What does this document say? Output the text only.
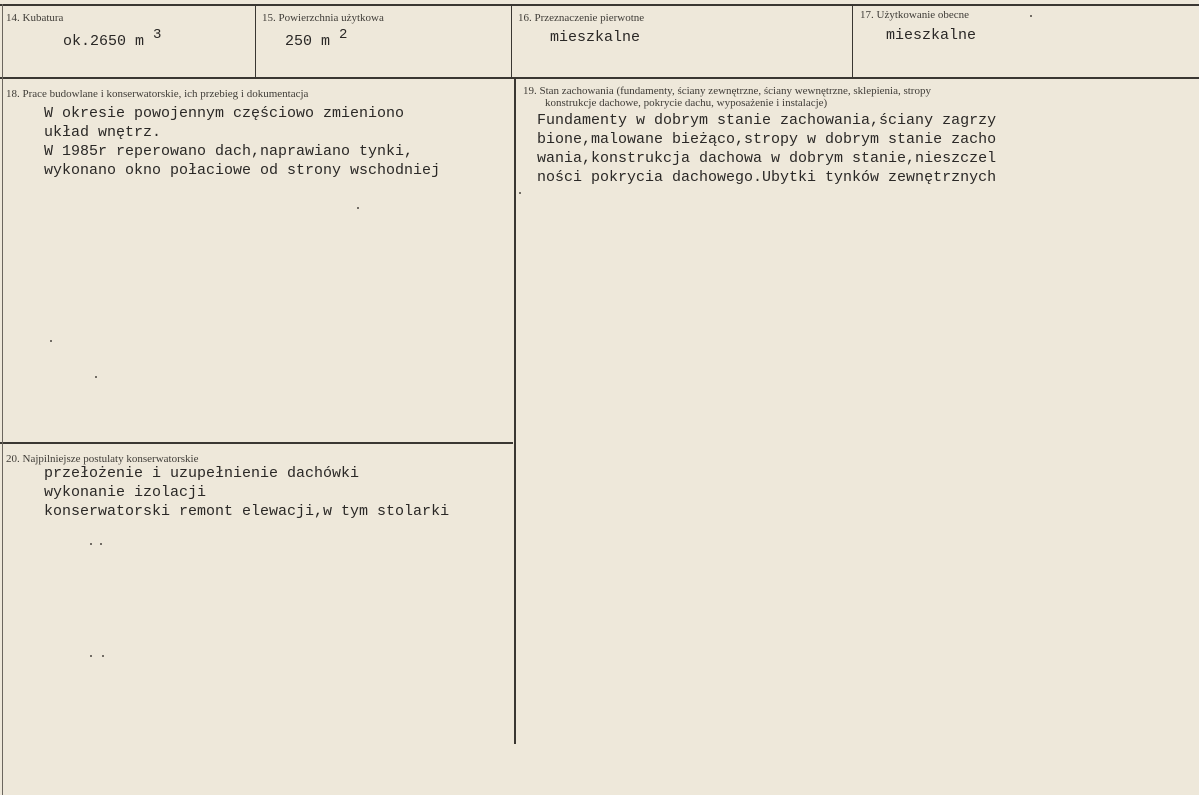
14. Kubatura
ok.2650 m 3
15. Powierzchnia użytkowa
250 m 2
16. Przeznaczenie pierwotne
mieszkalne
17. Użytkowanie obecne
mieszkalne
18. Prace budowlane i konserwatorskie, ich przebieg i dokumentacja
W okresie powojennym częściowo zmieniono
układ wnętrz.
W 1985r reperowano dach,naprawiano tynki,
wykonano okno połaciowe od strony wschodniej
19. Stan zachowania (fundamenty, ściany zewnętrzne, ściany wewnętrzne, sklepienia, stropy
konstrukcje dachowe, pokrycie dachu, wyposażenie i instalacje)
Fundamenty w dobrym stanie zachowania,ściany zagrzy
bione,malowane bieżąco,stropy w dobrym stanie zacho
wania,konstrukcja dachowa w dobrym stanie,nieszczel
ności pokrycia dachowego.Ubytki tynków zewnętrznych
20. Najpilniejsze postulaty konserwatorskie
przełożenie i uzupełnienie dachówki
wykonanie izolacji
konserwatorski remont elewacji,w tym stolarki
